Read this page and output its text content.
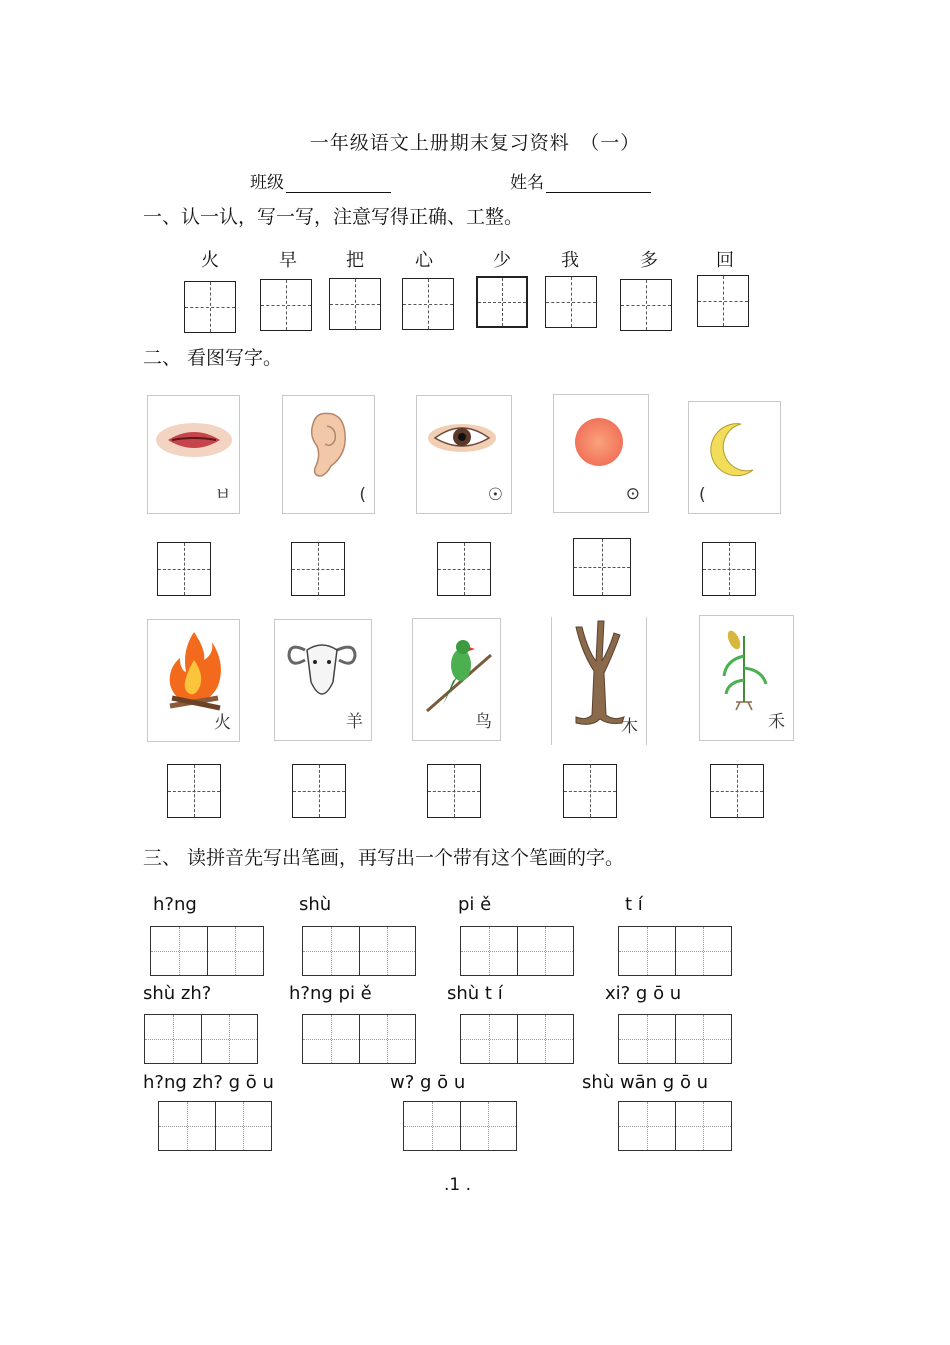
一年级语文上册期末复习资料　（一）
班级	姓名
一、认一认，写一写，注意写得正确、工整。
火	早	把	心	少	我	多	回
二、 看图写字。
ㅂ	(	☉	⊙	(
火	羊	鸟	木	禾
三、 读拼音先写出笔画，再写出一个带有这个笔画的字。
h?ng	shù	pi ě	t í
shù zh?	h?ng pi ě	shù t í	xi? g ō u
h?ng zh? g ō u	w? g ō u	shù wān g ō u
.1 .
